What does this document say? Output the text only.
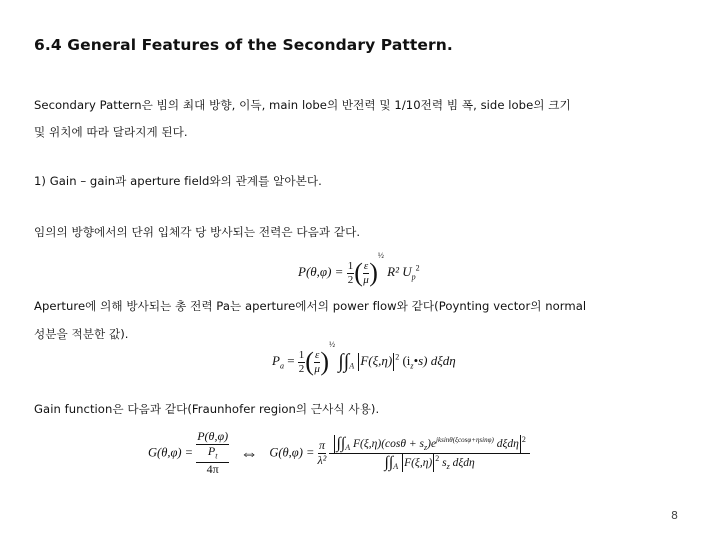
6.4 General Features of the Secondary Pattern.
Secondary Pattern은 빔의 최대 방향, 이득, main lobe의 반전력 및 1/10전력 빔 폭, side lobe의 크기
및 위치에 따라 달라지게 된다.
1) Gain – gain과 aperture field와의 관계를 알아본다.
임의의 방향에서의 단위 입체각 당 방사되는 전력은 다음과 같다.
$P(\theta,\varphi) = \frac{1}{2}$ ( $\frac{\varepsilon}{\mu} )^{\frac{1}{2}}$ R² $U_p^2$
Aperture에 의해 방사되는 총 전력 Pa는 aperture에서의 power flow와 같다(Poynting vector의 normal
성분을 적분한 값).
$P_a = \frac{1}{2}$ ( $\frac{\varepsilon}{\mu} )^{\frac{1}{2}}$ $\int\int_A$ F(ξ,η) $^2$ $(i_z•s)$ dξdη
Gain function은 다음과 같다(Fraunhofer region의 근사식 사용).
G(θ,φ) = P(θ,φ)
$P_t$
4π ⇔ $G(\theta,\varphi) = \frac{\pi}{\text{λ²}}$
$\int\int_A$ $F(\xi,\eta)(\cos\theta + s_z)e^{jksin\theta(\xi cos\varphi+\eta sin\varphi)}$ dξdη $^2$
$\int\int_A$ F(ξ,η) $^2$ $s_z$ dξdη
8
